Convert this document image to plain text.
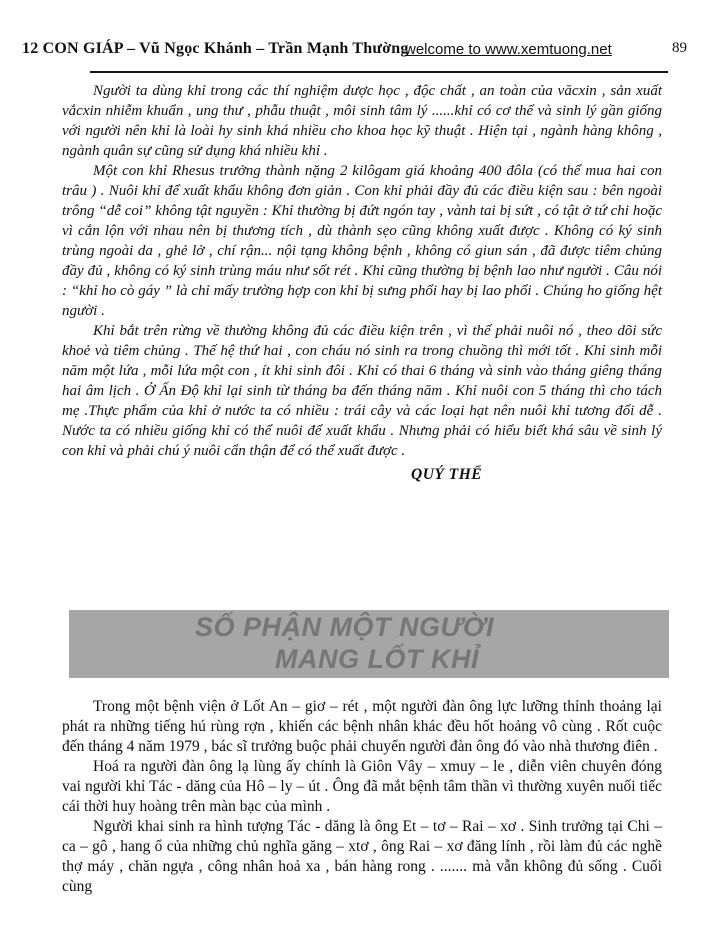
12 CON GIÁP – Vũ Ngọc Khánh – Trần Mạnh Thường
welcome to www.xemtuong.net	89

Người ta dùng khỉ trong các thí nghiệm dược học , độc chất , an toàn của văcxin , sản xuất vắcxin nhiễm khuẩn , ung thư , phẫu thuật , môi sinh tâm lý ......khỉ có cơ thể và sinh lý gần giống với người nên khỉ là loài hy sinh khá nhiều cho khoa học kỹ thuật . Hiện tại , ngành hàng không , ngành quân sự cũng sử dụng khá nhiều khỉ .

Một con khỉ Rhesus trưởng thành nặng 2 kilôgam giá khoảng 400 đôla (có thể mua hai con trâu ) . Nuôi khỉ để xuất khẩu không đơn giản . Con khỉ phải đầy đủ các điều kiện sau : bên ngoài trông “dễ coi” không tật nguyền : Khỉ thường bị đứt ngón tay , vành tai bị sứt , có tật ở tứ chi hoặc vì cắn lộn với nhau nên bị thương tích , dù thành sẹo cũng không xuất được . Không có ký sinh trùng ngoài da , ghẻ lở , chí rận... nội tạng không bệnh , không có giun sán , đã được tiêm chủng đầy đủ , không có ký sinh trùng máu như sốt rét . Khỉ cũng thường bị bệnh lao như người . Câu nói : “khỉ ho cò gáy ” là chỉ mấy trường hợp con khỉ bị sưng phổi hay bị lao phổi . Chúng ho giống hệt người .

Khỉ bắt trên rừng về thường không đủ các điều kiện trên , vì thế phải nuôi nó , theo dõi sức khoẻ và tiêm chủng . Thế hệ thứ hai , con cháu nó sinh ra trong chuồng thì mới tốt . Khỉ sinh mỗi năm một lứa , mỗi lứa một con , ít khi sinh đôi . Khỉ có thai 6 tháng và sinh vào tháng giêng tháng hai âm lịch . Ở Ấn Độ khỉ lại sinh từ tháng ba đến tháng năm . Khỉ nuôi con 5 tháng thì cho tách mẹ .Thực phẩm của khỉ ở nước ta có nhiều : trái cây và các loại hạt nên nuôi khỉ tương đối dễ . Nước ta có nhiều giống khỉ có thể nuôi để xuất khẩu . Nhưng phải có hiểu biết khá sâu về sinh lý con khỉ và phải chú ý nuôi cẩn thận để có thể xuất được .

QUÝ THỂ
SỐ PHẬN MỘT NGƯỜI
MANG LỐT KHỈ

Trong một bệnh viện ở Lốt An – giơ – rét , một người đàn ông lực lưỡng thỉnh thoảng lại phát ra những tiếng hú rùng rợn , khiến các bệnh nhân khác đều hốt hoảng vô cùng . Rốt cuộc đến tháng 4 năm 1979 , bác sĩ trưởng buộc phải chuyển người đàn ông đó vào nhà thương điên .

Hoá ra người đàn ông lạ lùng ấy chính là Giôn Vây – xmuy – le , diễn viên chuyên đóng vai người khỉ Tác - dăng của Hô – ly – út . Ông đã mắt bệnh tâm thần vì thường xuyên nuối tiếc cái thời huy hoàng trên màn bạc của mình .

Người khai sinh ra hình tượng Tác - dăng là ông Et – tơ – Rai – xơ . Sinh trưởng tại Chi – ca – gô , hang ổ của những chủ nghĩa găng – xtơ , ông Rai – xơ đăng lính , rồi làm đủ các nghề thợ máy , chăn ngựa , công nhân hoả xa , bán hàng rong . ....... mà vẫn không đủ sống . Cuối cùng
